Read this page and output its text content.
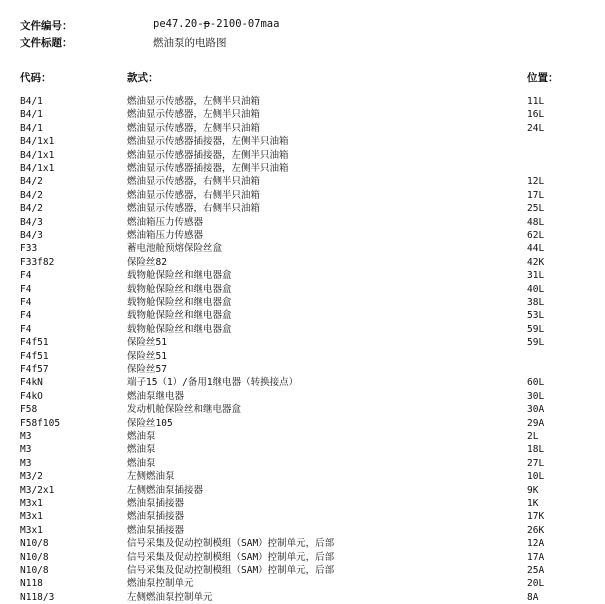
文件编号：	pe47.20-p-2100-07maa
文件标题：	燃油泵的电路图
代码：	款式：	位置：
B4/1	燃油显示传感器，左侧半只油箱	11L
B4/1	燃油显示传感器，左侧半只油箱	16L
B4/1	燃油显示传感器，左侧半只油箱	24L
B4/1x1	燃油显示传感器插接器，左侧半只油箱
B4/1x1	燃油显示传感器插接器，左侧半只油箱
B4/1x1	燃油显示传感器插接器，左侧半只油箱
B4/2	燃油显示传感器，右侧半只油箱	12L
B4/2	燃油显示传感器，右侧半只油箱	17L
B4/2	燃油显示传感器，右侧半只油箱	25L
B4/3	燃油箱压力传感器	48L
B4/3	燃油箱压力传感器	62L
F33	蓄电池舱预熔保险丝盒	44L
F33f82	保险丝82	42K
F4	载物舱保险丝和继电器盒	31L
F4	载物舱保险丝和继电器盒	40L
F4	载物舱保险丝和继电器盒	38L
F4	载物舱保险丝和继电器盒	53L
F4	载物舱保险丝和继电器盒	59L
F4f51	保险丝51	59L
F4f51	保险丝51
F4f57	保险丝57
F4kN	端子15（1）/备用1继电器（转换接点）	60L
F4kO	燃油泵继电器	30L
F58	发动机舱保险丝和继电器盒	30A
F58f105	保险丝105	29A
M3	燃油泵	2L
M3	燃油泵	18L
M3	燃油泵	27L
M3/2	左侧燃油泵	10L
M3/2x1	左侧燃油泵插接器	9K
M3x1	燃油泵插接器	1K
M3x1	燃油泵插接器	17K
M3x1	燃油泵插接器	26K
N10/8	信号采集及促动控制模组（SAM）控制单元，后部	12A
N10/8	信号采集及促动控制模组（SAM）控制单元，后部	17A
N10/8	信号采集及促动控制模组（SAM）控制单元，后部	25A
N118	燃油泵控制单元	20L
N118/3	左侧燃油泵控制单元	8A
